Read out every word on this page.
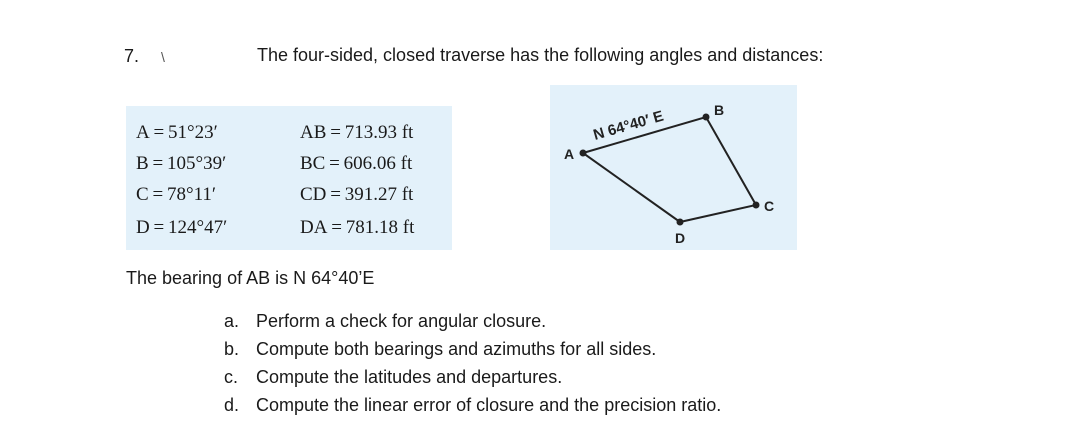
7. \	The four-sided, closed traverse has the following angles and distances:
A = 51°23′
B = 105°39′
C = 78°11′
D = 124°47′
AB = 713.93 ft
BC = 606.06 ft
CD = 391.27 ft
DA = 781.18 ft
A
B
C
D
N 64°40′ E
The bearing of AB is N 64°40’E
a. Perform a check for angular closure.
b. Compute both bearings and azimuths for all sides.
c. Compute the latitudes and departures.
d. Compute the linear error of closure and the precision ratio.
